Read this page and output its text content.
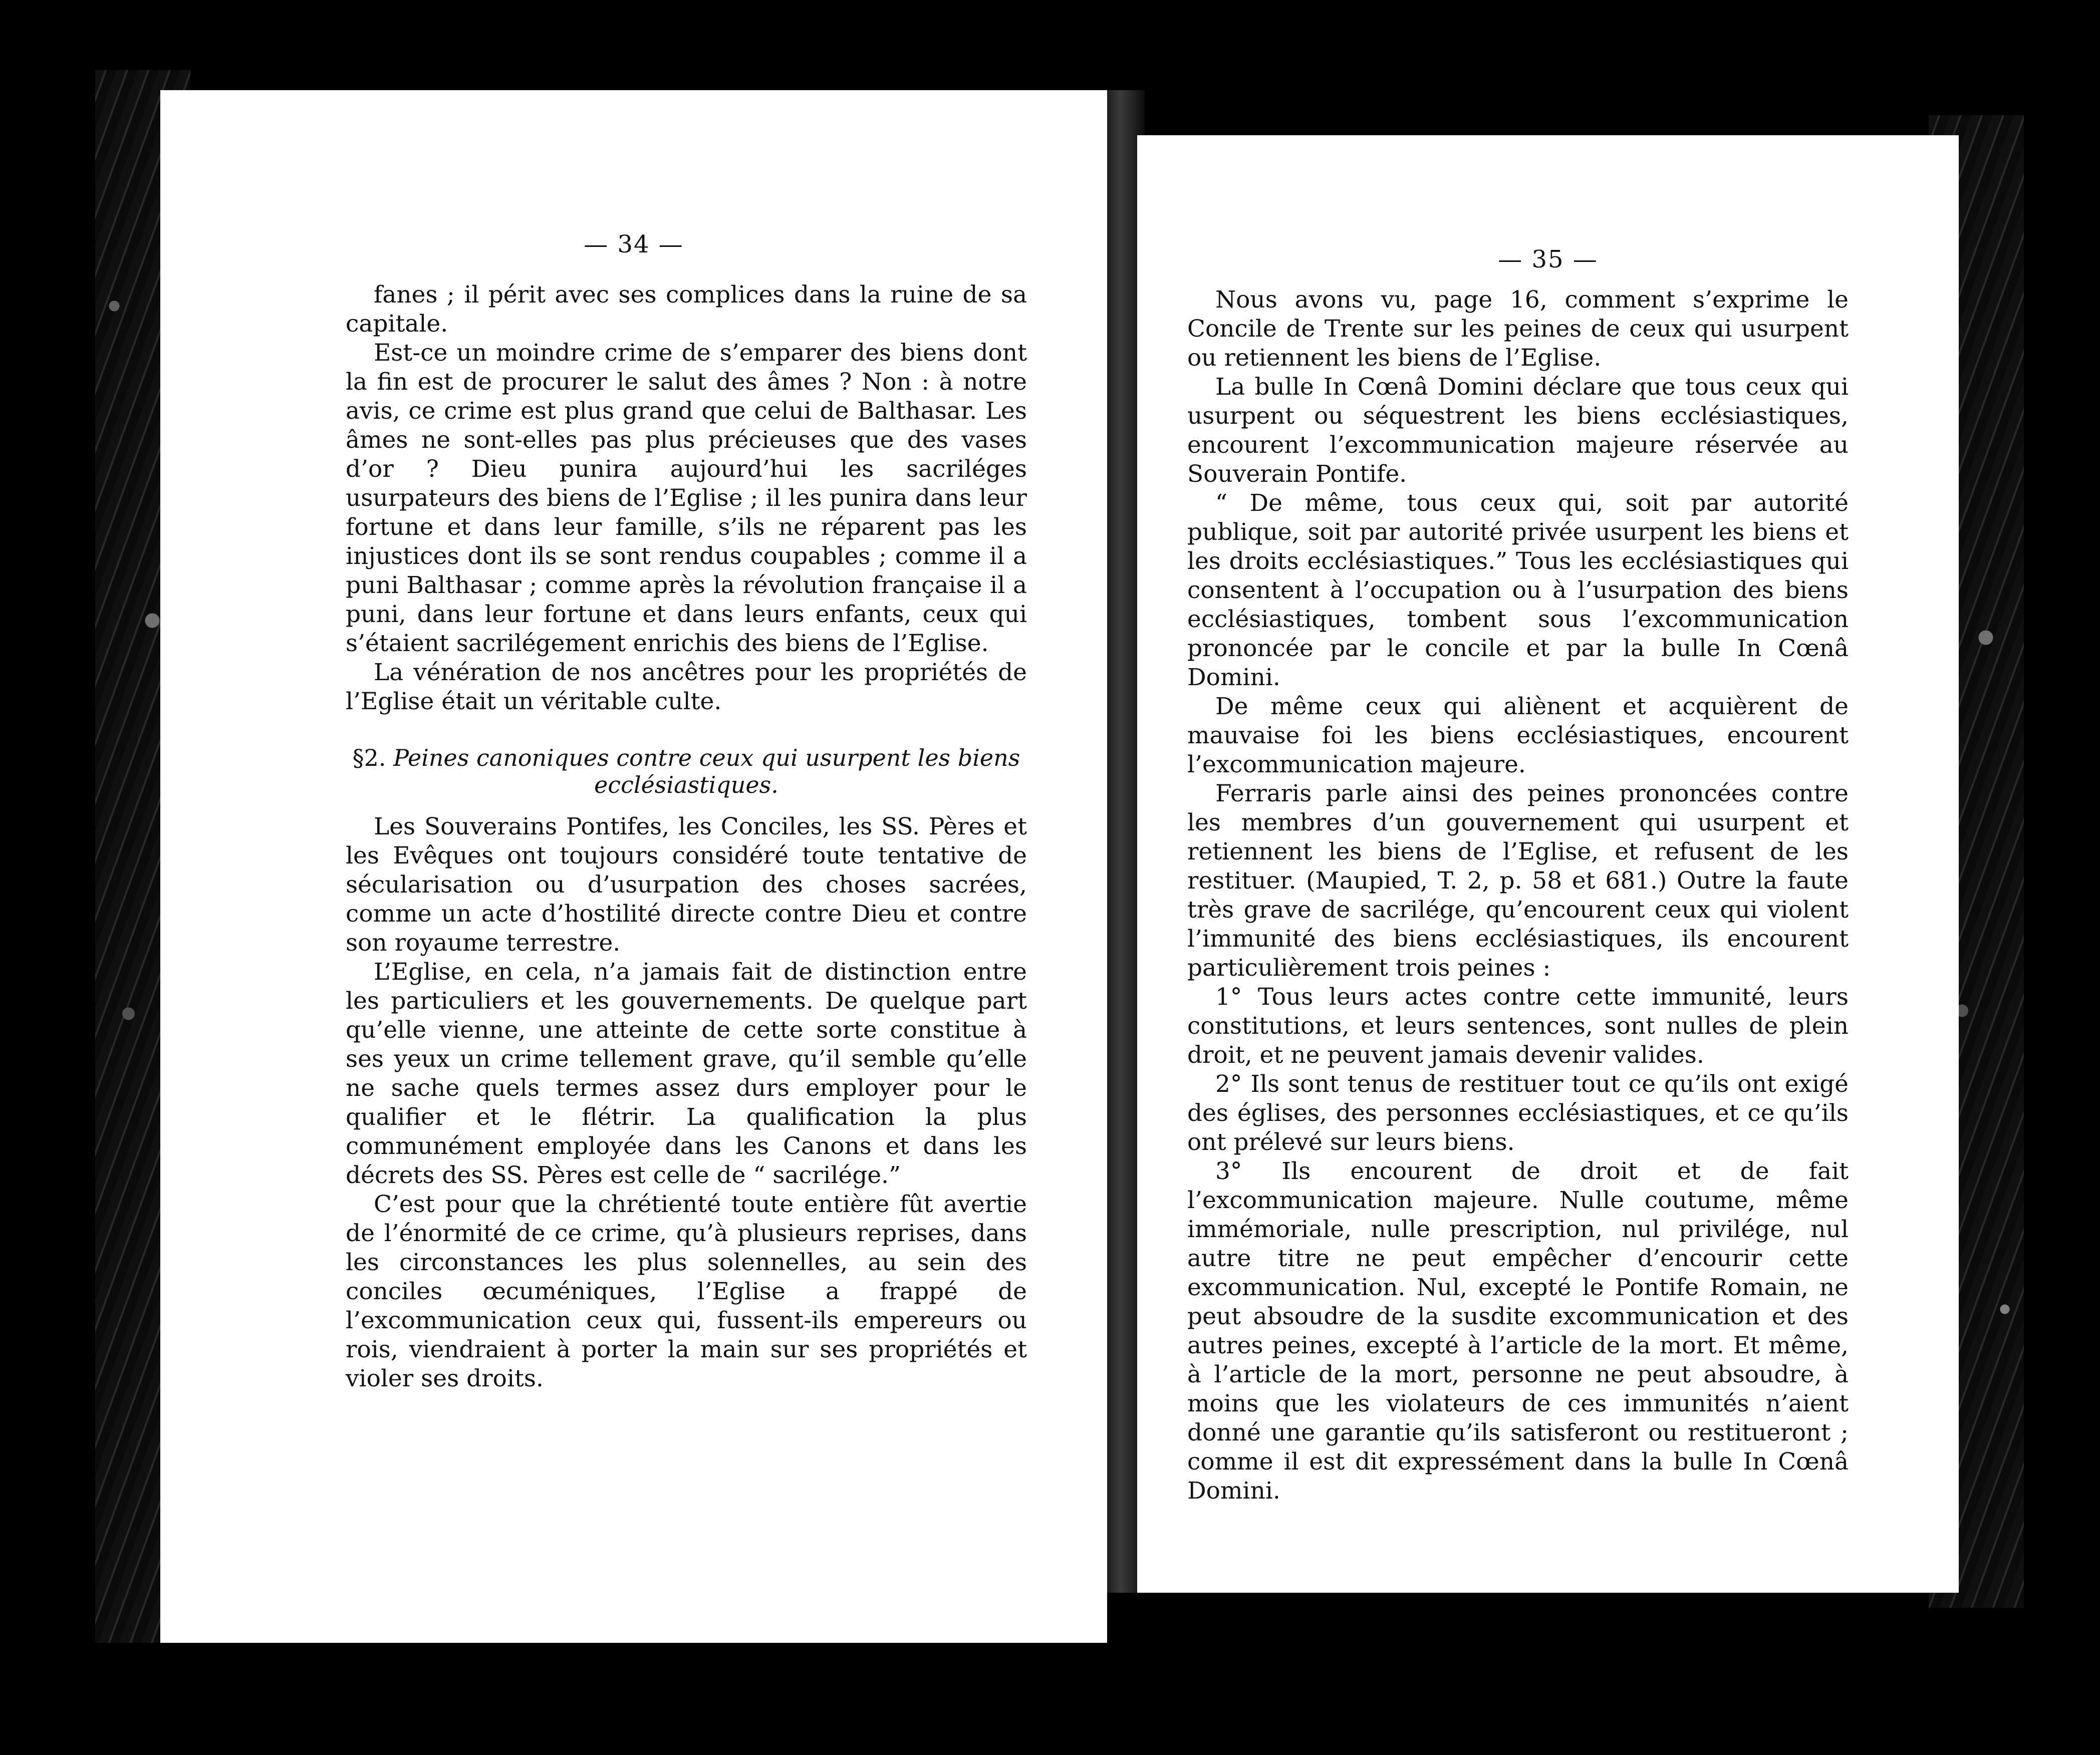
— 34 —

fanes ; il périt avec ses complices dans la ruine de sa capitale.

Est-ce un moindre crime de s’emparer des biens dont la fin est de procurer le salut des âmes ? Non : à notre avis, ce crime est plus grand que celui de Balthasar. Les âmes ne sont-elles pas plus précieuses que des vases d’or ? Dieu punira aujourd’hui les sacriléges usurpateurs des biens de l’Eglise ; il les punira dans leur fortune et dans leur famille, s’ils ne réparent pas les injustices dont ils se sont rendus coupables ; comme il a puni Balthasar ; comme après la révolution française il a puni, dans leur fortune et dans leurs enfants, ceux qui s’étaient sacrilégement enrichis des biens de l’Eglise.

La vénération de nos ancêtres pour les propriétés de l’Eglise était un véritable culte.

§2. Peines canoniques contre ceux qui usurpent les biens ecclésiastiques.

Les Souverains Pontifes, les Conciles, les SS. Pères et les Evêques ont toujours considéré toute tentative de sécularisation ou d’usurpation des choses sacrées, comme un acte d’hostilité directe contre Dieu et contre son royaume terrestre.

L’Eglise, en cela, n’a jamais fait de distinction entre les particuliers et les gouvernements. De quelque part qu’elle vienne, une atteinte de cette sorte constitue à ses yeux un crime tellement grave, qu’il semble qu’elle ne sache quels termes assez durs employer pour le qualifier et le flétrir. La qualification la plus communément employée dans les Canons et dans les décrets des SS. Pères est celle de “ sacrilége.”

C’est pour que la chrétienté toute entière fût avertie de l’énormité de ce crime, qu’à plusieurs reprises, dans les circonstances les plus solennelles, au sein des conciles œcuméniques, l’Eglise a frappé de l’excommunication ceux qui, fussent-ils empereurs ou rois, viendraient à porter la main sur ses propriétés et violer ses droits.

— 35 —

Nous avons vu, page 16, comment s’exprime le Concile de Trente sur les peines de ceux qui usurpent ou retiennent les biens de l’Eglise.

La bulle In Cœnâ Domini déclare que tous ceux qui usurpent ou séquestrent les biens ecclésiastiques, encourent l’excommunication majeure réservée au Souverain Pontife.

“ De même, tous ceux qui, soit par autorité publique, soit par autorité privée usurpent les biens et les droits ecclésiastiques.” Tous les ecclésiastiques qui consentent à l’occupation ou à l’usurpation des biens ecclésiastiques, tombent sous l’excommunication prononcée par le concile et par la bulle In Cœnâ Domini.

De même ceux qui aliènent et acquièrent de mauvaise foi les biens ecclésiastiques, encourent l’excommunication majeure.

Ferraris parle ainsi des peines prononcées contre les membres d’un gouvernement qui usurpent et retiennent les biens de l’Eglise, et refusent de les restituer. (Maupied, T. 2, p. 58 et 681.) Outre la faute très grave de sacrilége, qu’encourent ceux qui violent l’immunité des biens ecclésiastiques, ils encourent particulièrement trois peines :

1° Tous leurs actes contre cette immunité, leurs constitutions, et leurs sentences, sont nulles de plein droit, et ne peuvent jamais devenir valides.

2° Ils sont tenus de restituer tout ce qu’ils ont exigé des églises, des personnes ecclésiastiques, et ce qu’ils ont prélevé sur leurs biens.

3° Ils encourent de droit et de fait l’excommunication majeure. Nulle coutume, même immémoriale, nulle prescription, nul privilége, nul autre titre ne peut empêcher d’encourir cette excommunication. Nul, excepté le Pontife Romain, ne peut absoudre de la susdite excommunication et des autres peines, excepté à l’article de la mort. Et même, à l’article de la mort, personne ne peut absoudre, à moins que les violateurs de ces immunités n’aient donné une garantie qu’ils satisferont ou restitueront ; comme il est dit expressément dans la bulle In Cœnâ Domini.
